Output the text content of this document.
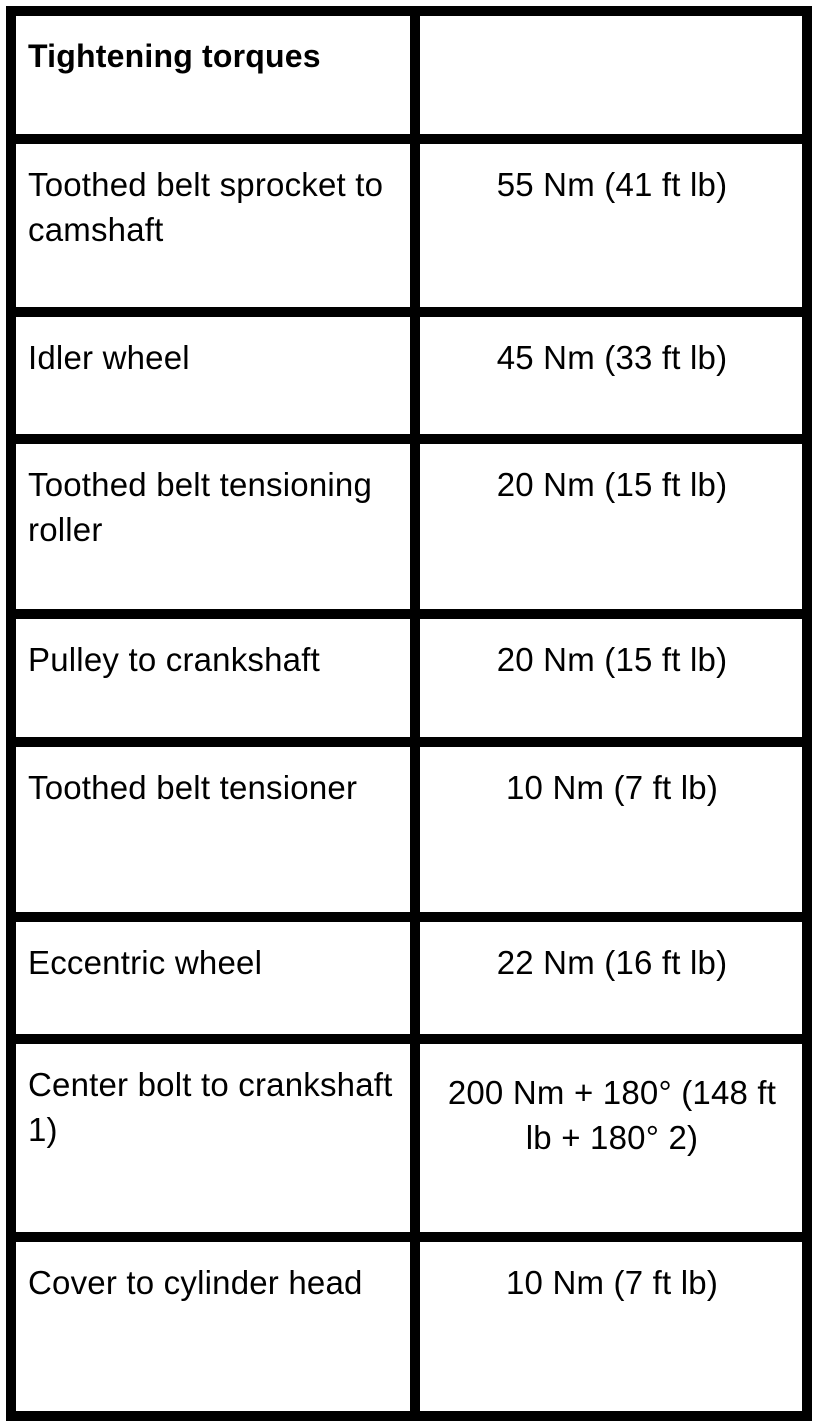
Tightening torques	
Toothed belt sprocket to camshaft	55 Nm (41 ft lb)
Idler wheel	45 Nm (33 ft lb)
Toothed belt tensioning roller	20 Nm (15 ft lb)
Pulley to crankshaft	20 Nm (15 ft lb)
Toothed belt tensioner	10 Nm (7 ft lb)
Eccentric wheel	22 Nm (16 ft lb)
Center bolt to crankshaft 1)	200 Nm + 180° (148 ft lb + 180° 2)
Cover to cylinder head	10 Nm (7 ft lb)
